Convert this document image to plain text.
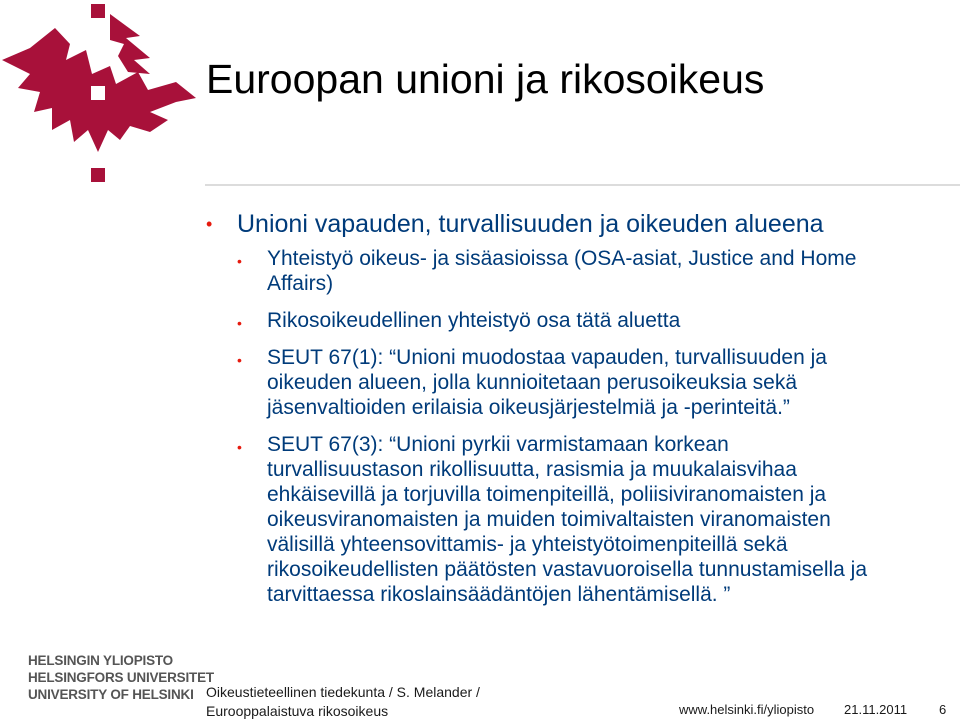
Euroopan unioni ja rikosoikeus
• Unioni vapauden, turvallisuuden ja oikeuden alueena
• Yhteistyö oikeus- ja sisäasioissa (OSA-asiat, Justice and Home
Affairs)
• Rikosoikeudellinen yhteistyö osa tätä aluetta
• SEUT 67(1): “Unioni muodostaa vapauden, turvallisuuden ja
oikeuden alueen, jolla kunnioitetaan perusoikeuksia sekä
jäsenvaltioiden erilaisia oikeusjärjestelmiä ja -perinteitä.”
• SEUT 67(3): “Unioni pyrkii varmistamaan korkean
turvallisuustason rikollisuutta, rasismia ja muukalaisvihaa
ehkäisevillä ja torjuvilla toimenpiteillä, poliisiviranomaisten ja
oikeusviranomaisten ja muiden toimivaltaisten viranomaisten
välisillä yhteensovittamis- ja yhteistyötoimenpiteillä sekä
rikosoikeudellisten päätösten vastavuoroisella tunnustamisella ja
tarvittaessa rikoslainsäädäntöjen lähentämisellä. ”
HELSINGIN YLIOPISTO
HELSINGFORS UNIVERSITET
UNIVERSITY OF HELSINKI Oikeustieteellinen tiedekunta / S. Melander /
Eurooppalaistuva rikosoikeus	www.helsinki.fi/yliopisto 21.11.2011 6
